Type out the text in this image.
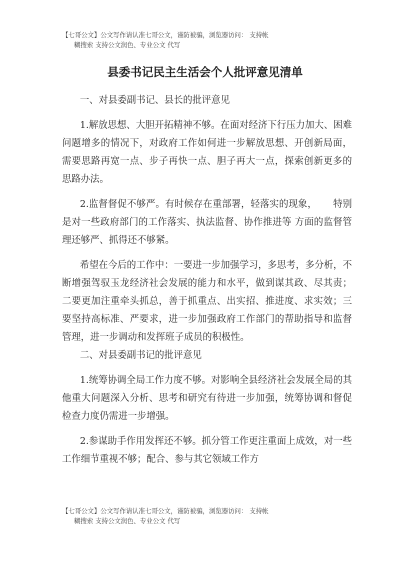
【七哥公文】公文写作请认准七哥公文，谨防被骗，浏览器访问： 支持帐
糊搜索 支持公文润色、专业公文 代写
县委书记民主生活会个人批评意见清单

一、对县委副书记、县长的批评意见

1.解放思想、大胆开拓精神不够。在面对经济下行压力加大、困难问题增多的情况下，对政府工作如何进一步解放思想、开创新局面，需要思路再宽一点、步子再快一点、胆子再大一点，探索创新更多的思路办法。

2.监督督促不够严。有时候存在重部署，轻落实的现象， 特别是对一些政府部门的工作落实、执法监督、协作推进等 方面的监督管理还够严、抓得还不够紧。

希望在今后的工作中：一要进一步加强学习，多思考，多分析，不断增强驾驭玉龙经济社会发展的能力和水平，做到谋其政、尽其责；二要更加注重牵头抓总，善于抓重点、出实招、推进度、求实效；三要坚持高标准、严要求，进一步加强政府工作部门的帮助指导和监督管理，进一步调动和发挥班子成员的积极性。

二、对县委副书记的批评意见

1.统筹协调全局工作力度不够。对影响全县经济社会发展全局的其他重大问题深入分析、思考和研究有待进一步加强，统筹协调和督促检查力度仍需进一步增强。

2.参谋助手作用发挥还不够。抓分管工作更注重面上成效，对一些工作细节重视不够；配合、参与其它领域工作方

【七哥公文】公文写作请认准七哥公文，谨防被骗，浏览器访问： 支持帐
糊搜索 支持公文润色、专业公文 代写
